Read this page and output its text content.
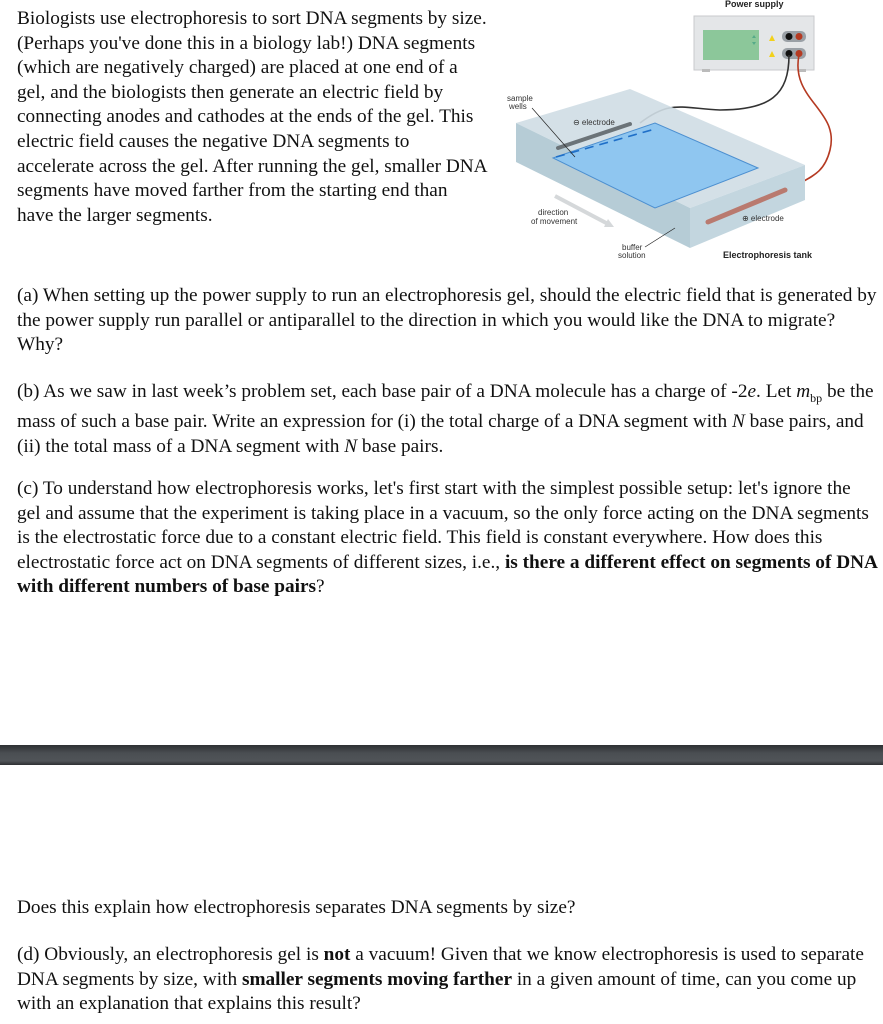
Biologists use electrophoresis to sort DNA segments by size. (Perhaps you've done this in a biology lab!) DNA segments (which are negatively charged) are placed at one end of a gel, and the biologists then generate an electric field by connecting anodes and cathodes at the ends of the gel. This electric field causes the negative DNA segments to accelerate across the gel. After running the gel, smaller DNA segments have moved farther from the starting end than have the larger segments.

Power supply
sample
wells
⊖ electrode
⊕ electrode
direction
of movement
buffer
solution	Electrophoresis tank

(a) When setting up the power supply to run an electrophoresis gel, should the electric field that is generated by the power supply run parallel or antiparallel to the direction in which you would like the DNA to migrate? Why?

(b) As we saw in last week’s problem set, each base pair of a DNA molecule has a charge of -2e. Let $m_{bp}$ be the mass of such a base pair. Write an expression for (i) the total charge of a DNA segment with N base pairs, and (ii) the total mass of a DNA segment with N base pairs.

(c) To understand how electrophoresis works, let's first start with the simplest possible setup: let's ignore the gel and assume that the experiment is taking place in a vacuum, so the only force acting on the DNA segments is the electrostatic force due to a constant electric field. This field is constant everywhere. How does this electrostatic force act on DNA segments of different sizes, i.e., is there a different effect on segments of DNA with different numbers of base pairs?

Does this explain how electrophoresis separates DNA segments by size?

(d) Obviously, an electrophoresis gel is not a vacuum! Given that we know electrophoresis is used to separate DNA segments by size, with smaller segments moving farther in a given amount of time, can you come up with an explanation that explains this result?
